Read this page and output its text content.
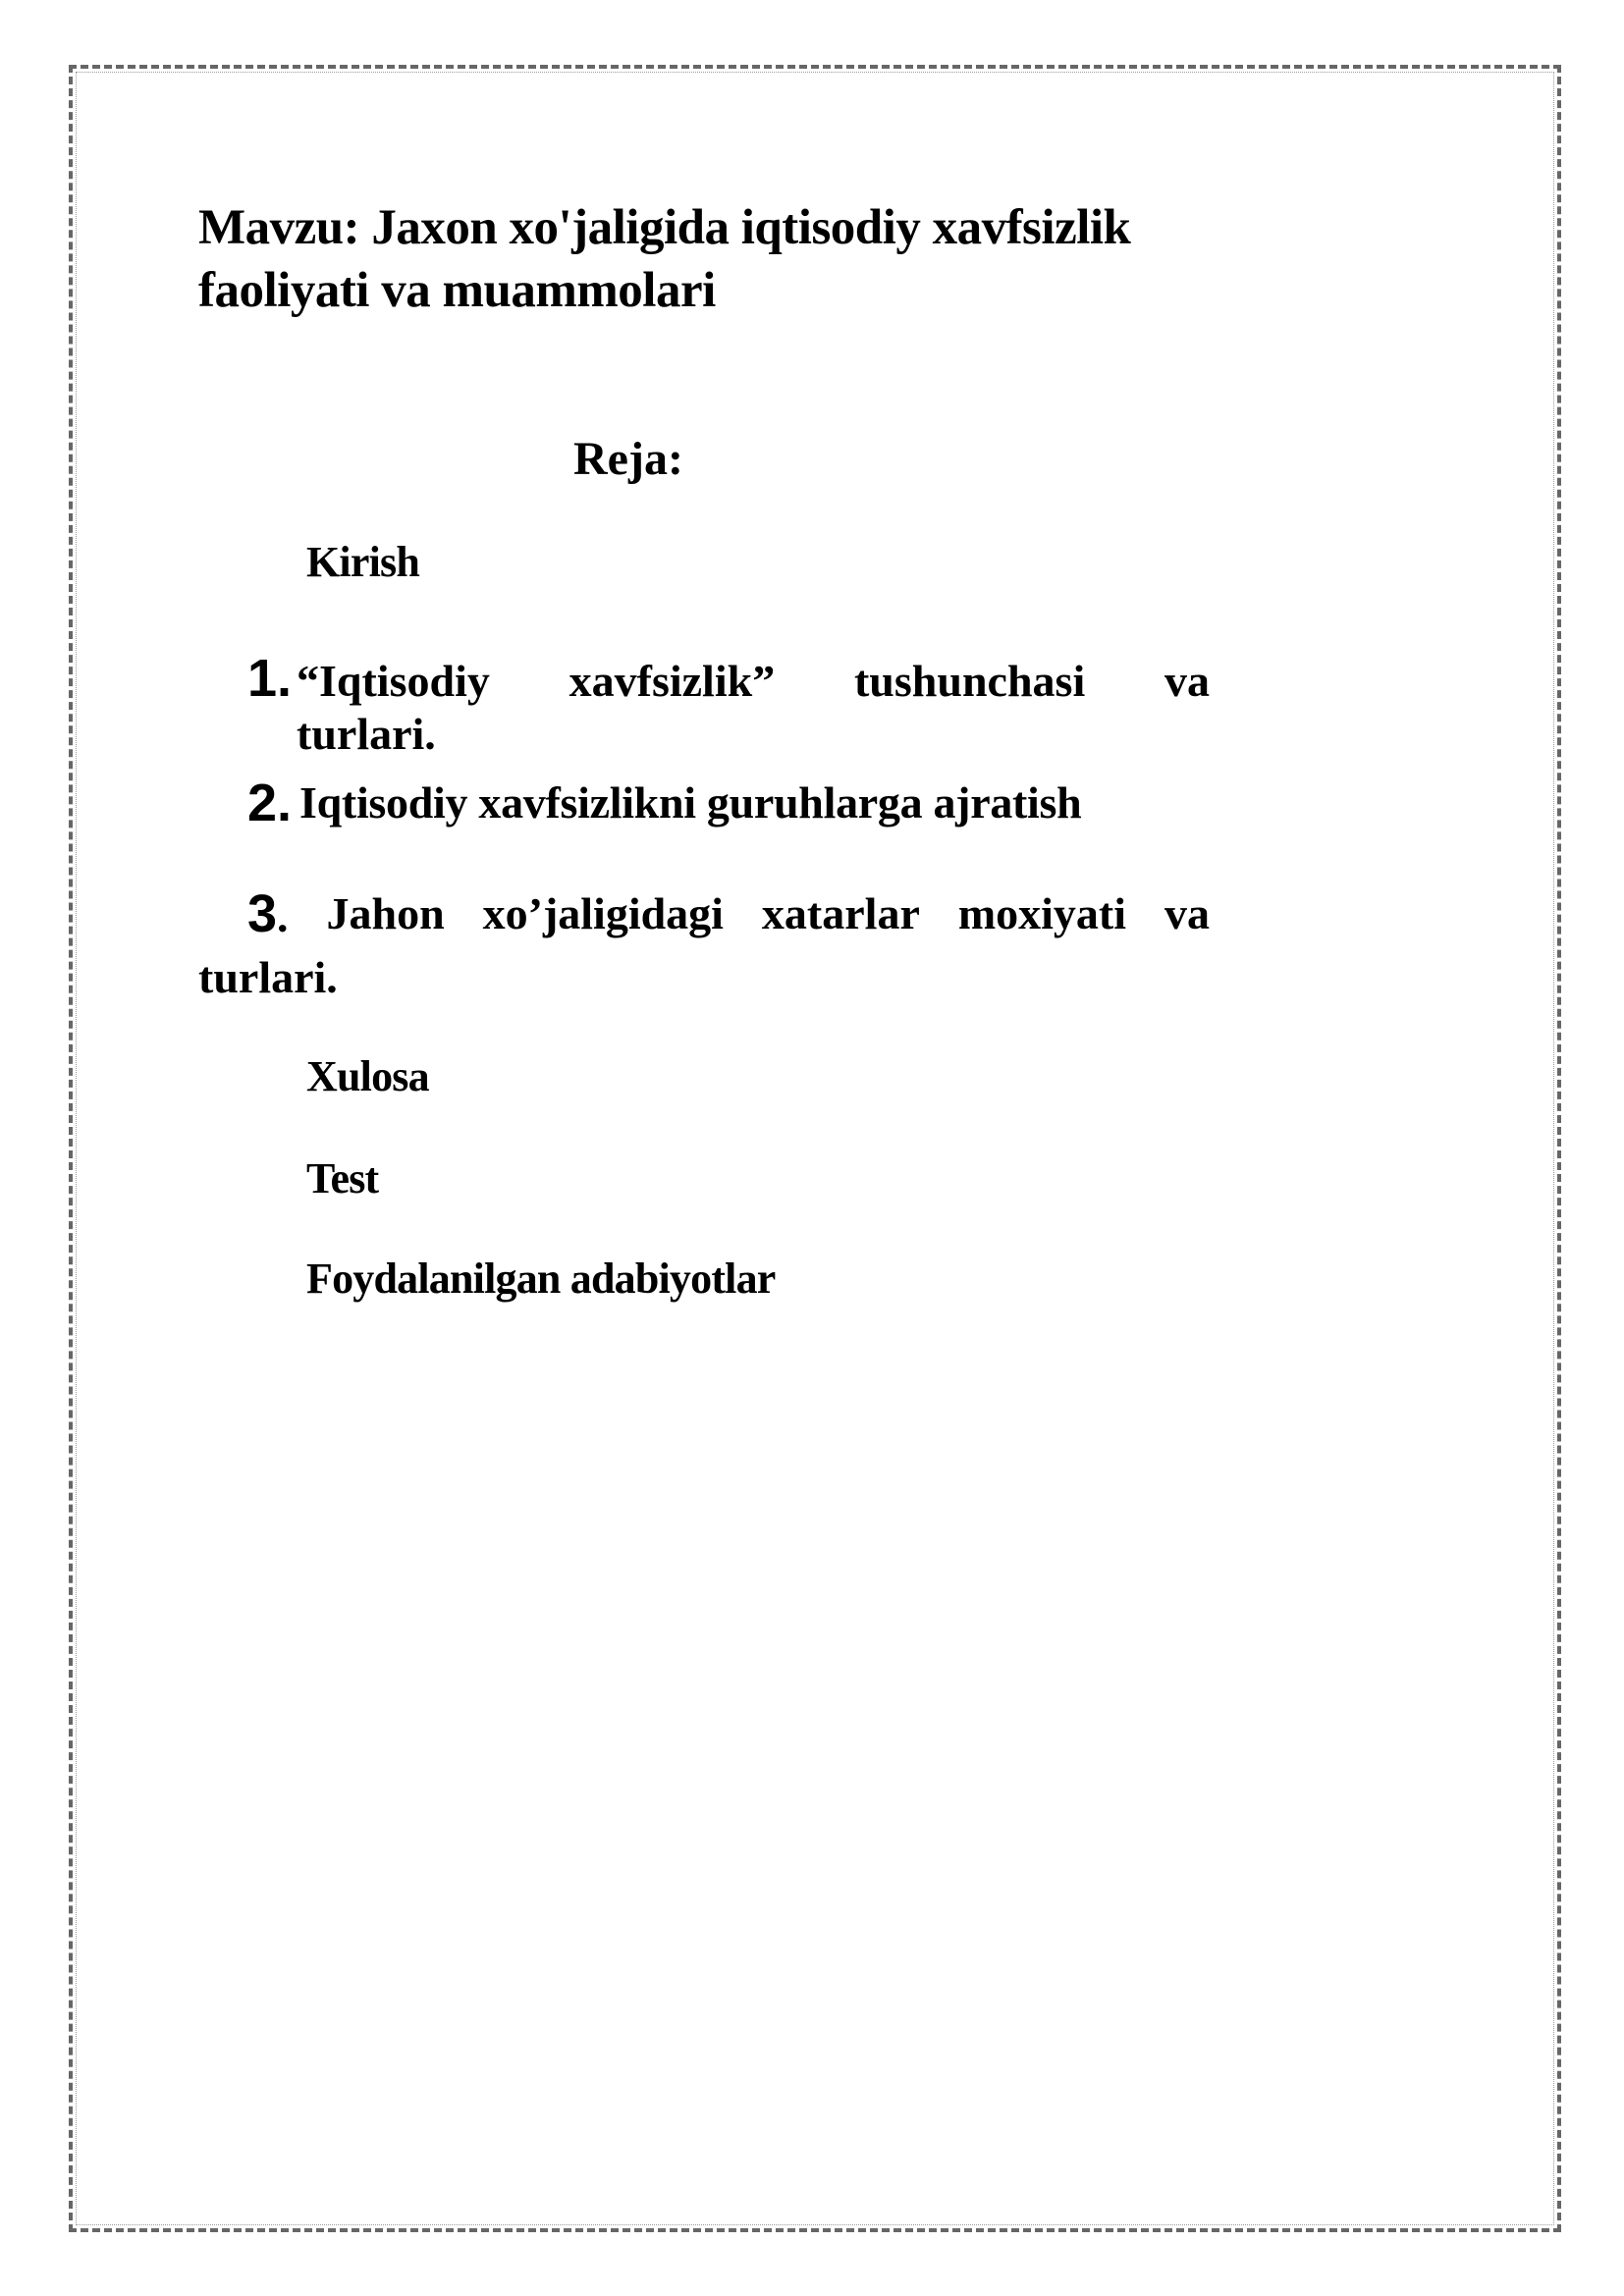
Mavzu: Jaxon xo'jaligida iqtisodiy xavfsizlik faoliyati va muammolari
Reja:
Kirish
1. “Iqtisodiy xavfsizlik” tushunchasi va
turlari.
2. Iqtisodiy xavfsizlikni guruhlarga ajratish
3. Jahon xo’jaligidagi xatarlar moxiyati va
turlari.
Xulosa
Test
Foydalanilgan adabiyotlar
